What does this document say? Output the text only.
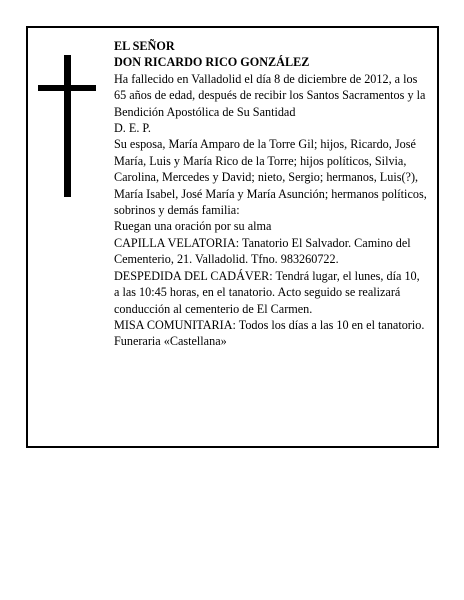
EL SEÑOR

DON RICARDO RICO GONZÁLEZ

Ha fallecido en Valladolid el día 8 de diciembre de 2012, a los 65 años de edad, después de recibir los Santos Sacramentos y la Bendición Apostólica de Su Santidad

D. E. P.

Su esposa, María Amparo de la Torre Gil; hijos, Ricardo, José María, Luis y María Rico de la Torre; hijos políticos, Silvia, Carolina, Mercedes y David; nieto, Sergio; hermanos, Luis(?), María Isabel, José María y María Asunción; hermanos políticos, sobrinos y demás familia:

Ruegan una oración por su alma

CAPILLA VELATORIA: Tanatorio El Salvador. Camino del Cementerio, 21. Valladolid. Tfno. 983260722.

DESPEDIDA DEL CADÁVER: Tendrá lugar, el lunes, día 10, a las 10:45 horas, en el tanatorio. Acto seguido se realizará conducción al cementerio de El Carmen.

MISA COMUNITARIA: Todos los días a las 10 en el tanatorio.

Funeraria «Castellana»
